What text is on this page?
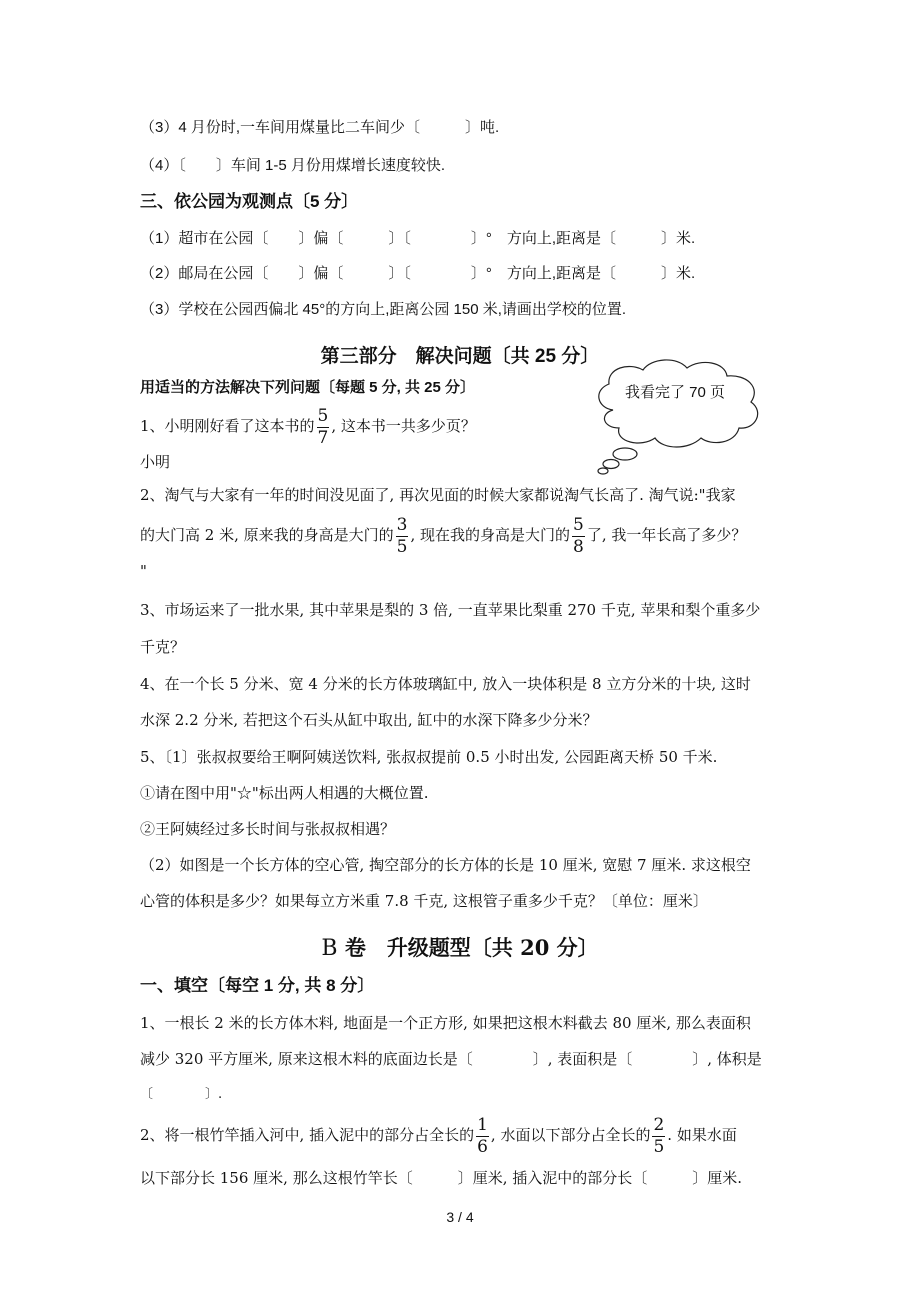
（3）4 月份时,一车间用煤量比二车间少〔　　　〕吨.
（4）〔　　〕车间 1-5 月份用煤增长速度较快.
三、依公园为观测点〔5 分〕
（1）超市在公园〔　　〕偏〔　　　〕〔　　　　〕°　方向上,距离是〔　　　〕米.
（2）邮局在公园〔　　〕偏〔　　　〕〔　　　　〕°　方向上,距离是〔　　　〕米.
（3）学校在公园西偏北 45°的方向上,距离公园 150 米,请画出学校的位置.
第三部分　解决问题〔共 25 分〕
用适当的方法解决下列问题〔每题 5 分, 共 25 分〕	我看完了 70 页
1、小明刚好看了这本书的 $\frac{5}{7}$ , 这本书一共多少页？
小明
2、淘气与大家有一年的时间没见面了, 再次见面的时候大家都说淘气长高了. 淘气说:"我家
的大门高 2 米, 原来我的身高是大门的 $\frac{3}{5}$ , 现在我的身高是大门的 $\frac{5}{8}$ 了, 我一年长高了多少？
"
3、市场运来了一批水果, 其中苹果是梨的 3 倍, 一直苹果比梨重 270 千克, 苹果和梨个重多少
千克？
4、在一个长 5 分米、宽 4 分米的长方体玻璃缸中, 放入一块体积是 8 立方分米的十块, 这时
水深 2.2 分米, 若把这个石头从缸中取出, 缸中的水深下降多少分米？
5、〔1〕张叔叔要给王啊阿姨送饮料, 张叔叔提前 0.5 小时出发, 公园距离天桥 50 千米.
①请在图中用"☆"标出两人相遇的大概位置.
②王阿姨经过多长时间与张叔叔相遇？
（2）如图是一个长方体的空心管, 掏空部分的长方体的长是 10 厘米, 宽慰 7 厘米. 求这根空
心管的体积是多少？如果每立方米重 7.8 千克, 这根管子重多少千克？〔单位：厘米〕
B 卷　升级题型〔共 20 分〕
一、填空〔每空 1 分, 共 8 分〕
1、一根长 2 米的长方体木料, 地面是一个正方形, 如果把这根木料截去 80 厘米, 那么表面积
减少 320 平方厘米, 原来这根木料的底面边长是〔　　　　〕, 表面积是〔　　　　〕, 体积是
〔　　　　〕.
2、将一根竹竿插入河中, 插入泥中的部分占全长的 $\frac{1}{6}$ , 水面以下部分占全长的 $\frac{2}{5}$ . 如果水面
以下部分长 156 厘米, 那么这根竹竿长〔　　　〕厘米, 插入泥中的部分长〔　　　〕厘米.
3 / 4
